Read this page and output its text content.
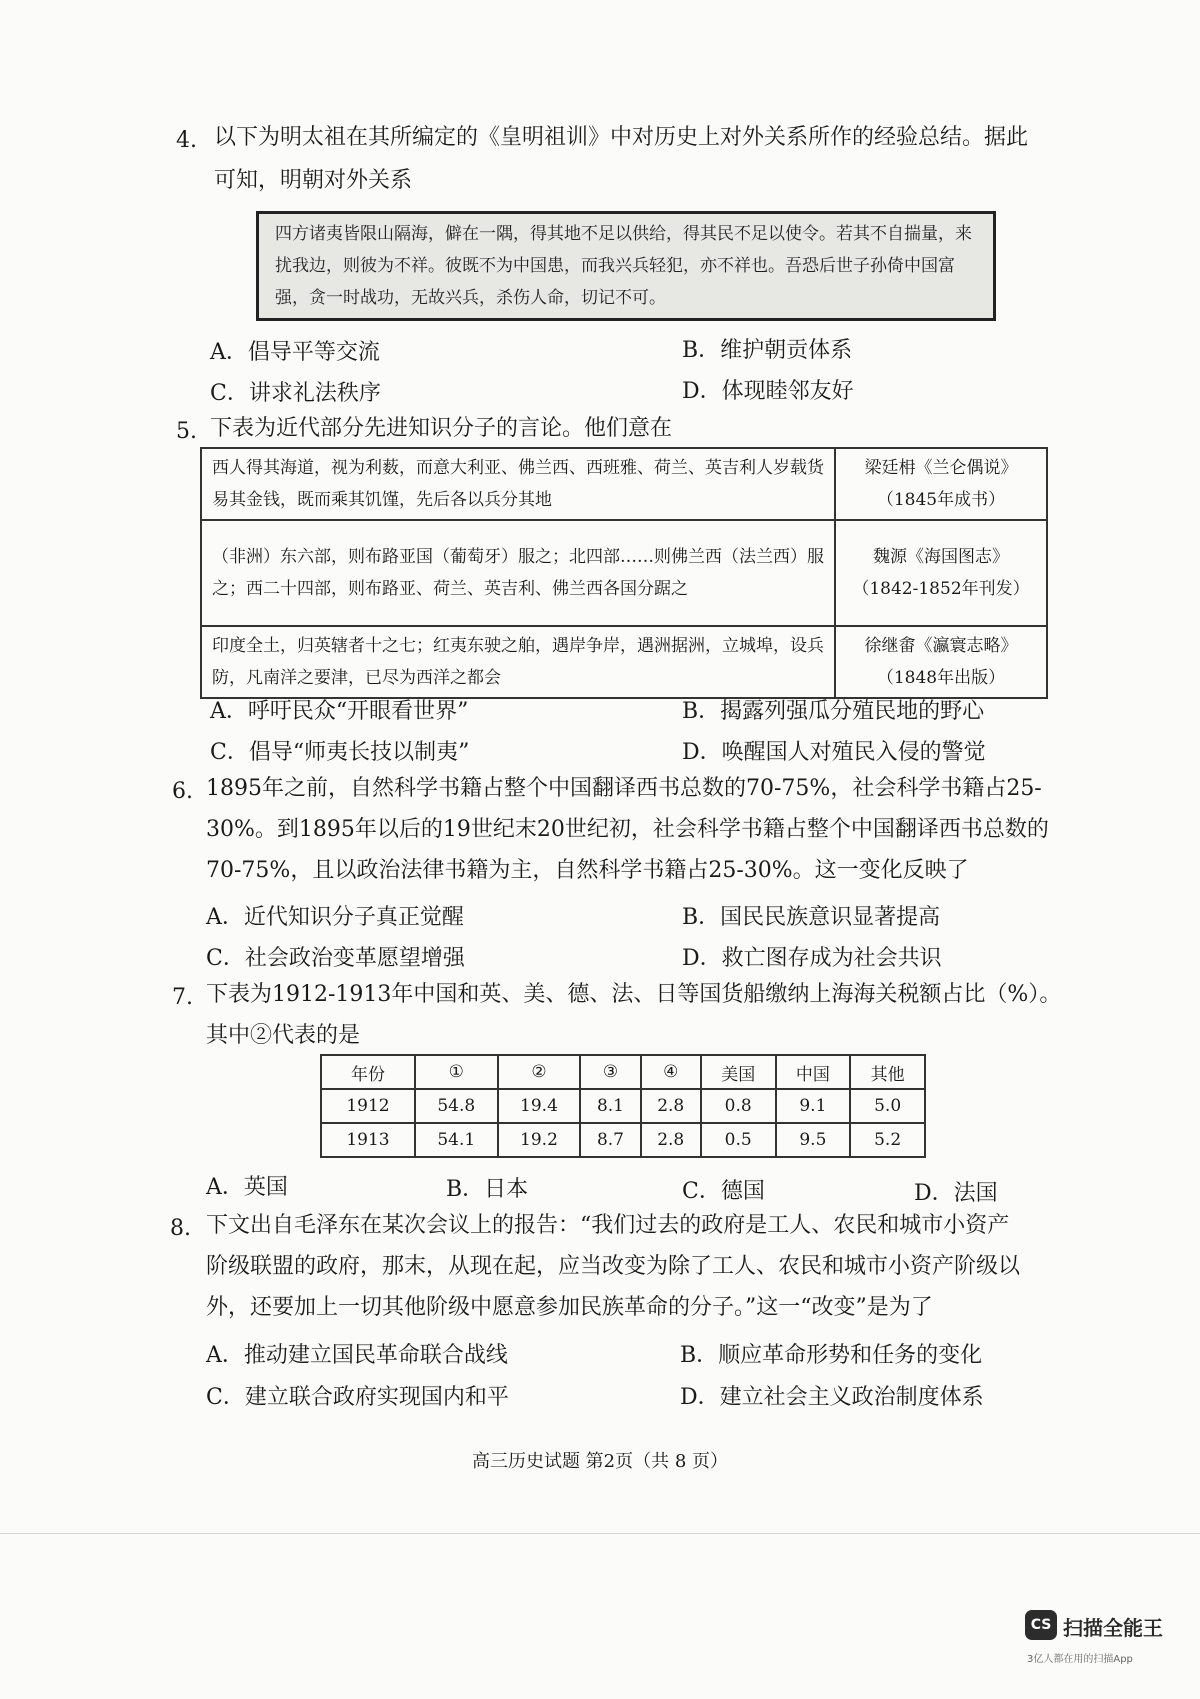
4. 以下为明太祖在其所编定的《皇明祖训》中对历史上对外关系所作的经验总结。据此
可知，明朝对外关系
四方诸夷皆限山隔海，僻在一隅，得其地不足以供给，得其民不足以使令。若其不自揣量，来扰我边，则彼为不祥。彼既不为中国患，而我兴兵轻犯，亦不祥也。吾恐后世子孙倚中国富强，贪一时战功，无故兴兵，杀伤人命，切记不可。
A．倡导平等交流	B．维护朝贡体系
C．讲求礼法秩序	D．体现睦邻友好
5. 下表为近代部分先进知识分子的言论。他们意在
西人得其海道，视为利薮，而意大利亚、佛兰西、西班雅、荷兰、英吉利人岁载货易其金钱，既而乘其饥馑，先后各以兵分其地	梁廷枏《兰仑偶说》
（1845年成书）

（非洲）东六部，则布路亚国（葡萄牙）服之；北四部……则佛兰西（法兰西）服之；西二十四部，则布路亚、荷兰、英吉利、佛兰西各国分踞之	魏源《海国图志》
（1842-1852年刊发）

印度全土，归英辖者十之七；红夷东驶之舶，遇岸争岸，遇洲据洲，立城埠，设兵防，凡南洋之要津，已尽为西洋之都会	徐继畬《瀛寰志略》
（1848年出版）
A．呼吁民众“开眼看世界”	B．揭露列强瓜分殖民地的野心
C．倡导“师夷长技以制夷”	D．唤醒国人对殖民入侵的警觉
6. 1895年之前，自然科学书籍占整个中国翻译西书总数的70-75%，社会科学书籍占25-
30%。到1895年以后的19世纪末20世纪初，社会科学书籍占整个中国翻译西书总数的
70-75%，且以政治法律书籍为主，自然科学书籍占25-30%。这一变化反映了
A．近代知识分子真正觉醒	B．国民民族意识显著提高
C．社会政治变革愿望增强	D．救亡图存成为社会共识
7. 下表为1912-1913年中国和英、美、德、法、日等国货船缴纳上海海关税额占比（%）。
其中②代表的是
年份	①	②	③	④	美国	中国	其他
1912	54.8	19.4	8.1	2.8	0.8	9.1	5.0
1913	54.1	19.2	8.7	2.8	0.5	9.5	5.2
A．英国	B．日本	C．德国	D．法国
8. 下文出自毛泽东在某次会议上的报告：“我们过去的政府是工人、农民和城市小资产
阶级联盟的政府，那末，从现在起，应当改变为除了工人、农民和城市小资产阶级以
外，还要加上一切其他阶级中愿意参加民族革命的分子。”这一“改变”是为了
A．推动建立国民革命联合战线	B．顺应革命形势和任务的变化
C．建立联合政府实现国内和平	D．建立社会主义政治制度体系
高三历史试题 第2页（共 8 页）
CS 扫描全能王
3亿人都在用的扫描App
